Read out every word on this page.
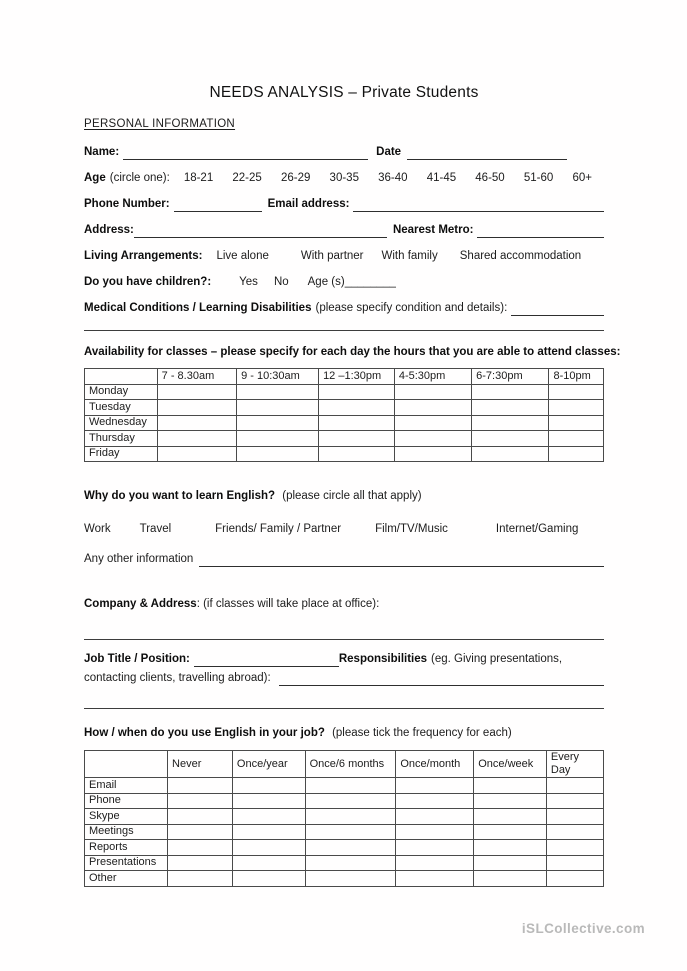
NEEDS ANALYSIS – Private Students
PERSONAL INFORMATION
Name:	Date
Age (circle one): 18-21 22-25 26-29 30-35 36-40 41-45 46-50 51-60 60+
Phone Number:	Email address:
Address:	Nearest Metro:
Living Arrangements: Live alone	With partner With family Shared accommodation
Do you have children?: Yes No Age (s)________
Medical Conditions / Learning Disabilities (please specify condition and details):
Availability for classes – please specify for each day the hours that you are able to attend classes:
	7 - 8.30am	9 - 10:30am	12 –1:30pm	4-5:30pm	6-7:30pm	8-10pm
Monday						
Tuesday						
Wednesday						
Thursday						
Friday						
Why do you want to learn English? (please circle all that apply)
Work	Travel	Friends/ Family / Partner	Film/TV/Music	Internet/Gaming
Any other information
Company & Address: (if classes will take place at office):
Job Title / Position:	Responsibilities (eg. Giving presentations,
contacting clients, travelling abroad):
How / when do you use English in your job? (please tick the frequency for each)
	Never	Once/year	Once/6 months	Once/month	Once/week	Every Day
Email						
Phone						
Skype						
Meetings						
Reports						
Presentations						
Other						
iSLCollective.com
